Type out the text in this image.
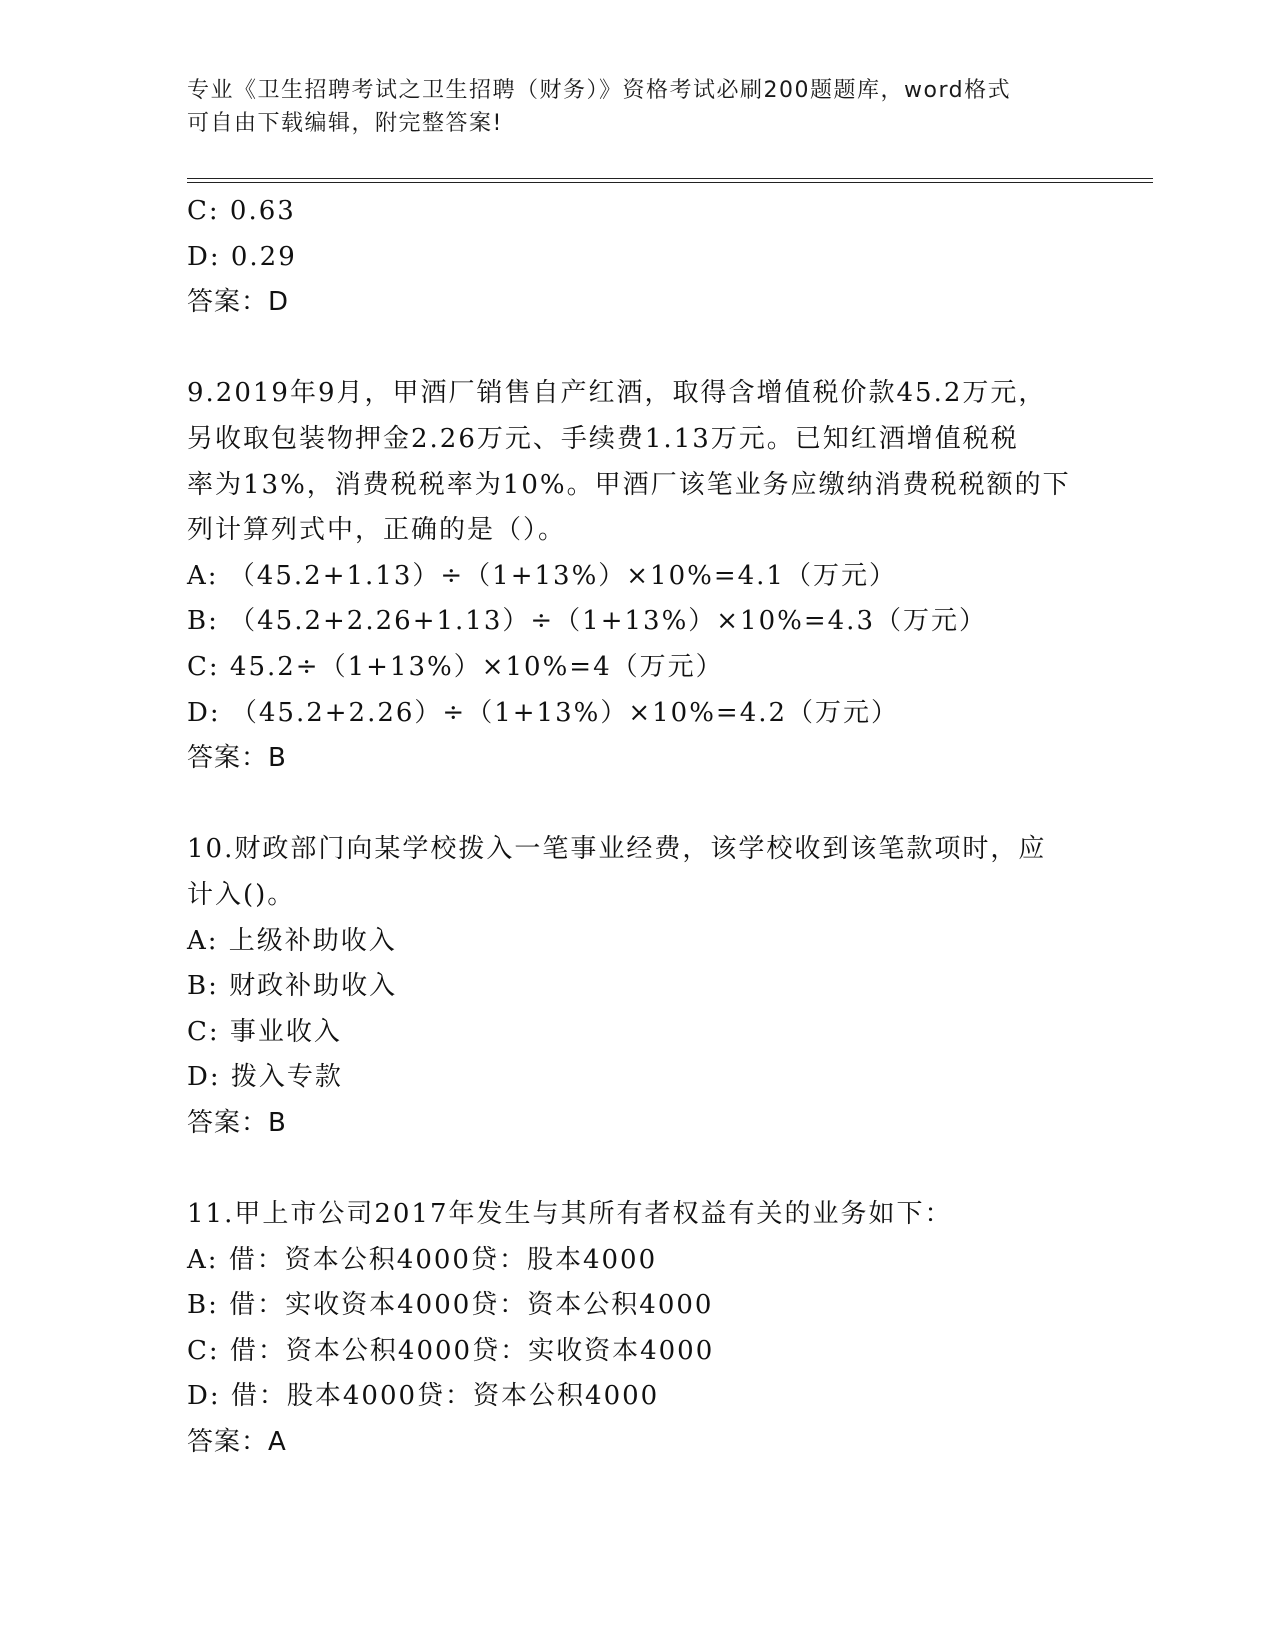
专业《卫生招聘考试之卫生招聘（财务）》资格考试必刷200题题库，word格式
可自由下载编辑，附完整答案!
C: 0.63
D: 0.29
答案：D
9.2019年9月，甲酒厂销售自产红酒，取得含增值税价款45.2万元，
另收取包装物押金2.26万元、手续费1.13万元。已知红酒增值税税
率为13%，消费税税率为10%。甲酒厂该笔业务应缴纳消费税税额的下
列计算列式中，正确的是（）。
A: （45.2+1.13）÷（1+13%）×10%=4.1（万元）
B: （45.2+2.26+1.13）÷（1+13%）×10%=4.3（万元）
C: 45.2÷（1+13%）×10%=4（万元）
D: （45.2+2.26）÷（1+13%）×10%=4.2（万元）
答案：B
10.财政部门向某学校拨入一笔事业经费，该学校收到该笔款项时，应
计入()。
A: 上级补助收入
B: 财政补助收入
C: 事业收入
D: 拨入专款
答案：B
11.甲上市公司2017年发生与其所有者权益有关的业务如下：
A: 借：资本公积4000贷：股本4000
B: 借：实收资本4000贷：资本公积4000
C: 借：资本公积4000贷：实收资本4000
D: 借：股本4000贷：资本公积4000
答案：A
